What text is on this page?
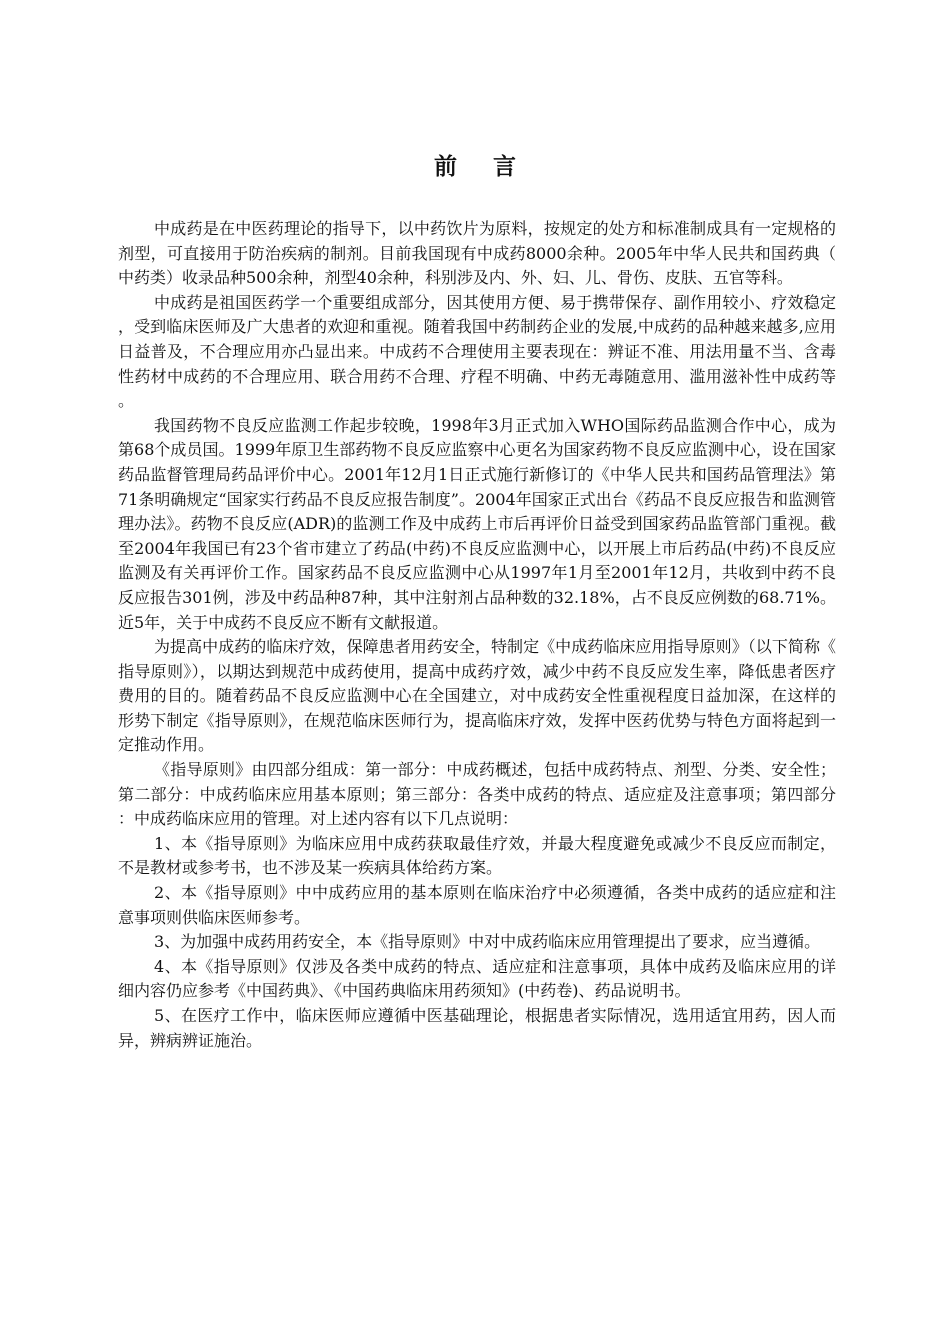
前言

中成药是在中医药理论的指导下，以中药饮片为原料，按规定的处方和标准制成具有一定规格的剂型，可直接用于防治疾病的制剂。目前我国现有中成药8000余种。2005年中华人民共和国药典（中药类）收录品种500余种，剂型40余种，科别涉及内、外、妇、儿、骨伤、皮肤、五官等科。

中成药是祖国医药学一个重要组成部分，因其使用方便、易于携带保存、副作用较小、疗效稳定，受到临床医师及广大患者的欢迎和重视。随着我国中药制药企业的发展,中成药的品种越来越多,应用日益普及，不合理应用亦凸显出来。中成药不合理使用主要表现在：辨证不准、用法用量不当、含毒性药材中成药的不合理应用、联合用药不合理、疗程不明确、中药无毒随意用、滥用滋补性中成药等。

我国药物不良反应监测工作起步较晚，1998年3月正式加入WHO国际药品监测合作中心，成为第68个成员国。1999年原卫生部药物不良反应监察中心更名为国家药物不良反应监测中心，设在国家药品监督管理局药品评价中心。2001年12月1日正式施行新修订的《中华人民共和国药品管理法》第71条明确规定“国家实行药品不良反应报告制度”。2004年国家正式出台《药品不良反应报告和监测管理办法》。药物不良反应(ADR)的监测工作及中成药上市后再评价日益受到国家药品监管部门重视。截至2004年我国已有23个省市建立了药品(中药)不良反应监测中心，以开展上市后药品(中药)不良反应监测及有关再评价工作。国家药品不良反应监测中心从1997年1月至2001年12月，共收到中药不良反应报告301例，涉及中药品种87种，其中注射剂占品种数的32.18%，占不良反应例数的68.71%。近5年，关于中成药不良反应不断有文献报道。

为提高中成药的临床疗效，保障患者用药安全，特制定《中成药临床应用指导原则》（以下简称《指导原则》），以期达到规范中成药使用，提高中成药疗效，减少中药不良反应发生率，降低患者医疗费用的目的。随着药品不良反应监测中心在全国建立，对中成药安全性重视程度日益加深，在这样的形势下制定《指导原则》，在规范临床医师行为，提高临床疗效，发挥中医药优势与特色方面将起到一定推动作用。

《指导原则》由四部分组成：第一部分：中成药概述，包括中成药特点、剂型、分类、安全性；第二部分：中成药临床应用基本原则；第三部分：各类中成药的特点、适应症及注意事项；第四部分：中成药临床应用的管理。对上述内容有以下几点说明：

1、本《指导原则》为临床应用中成药获取最佳疗效，并最大程度避免或减少不良反应而制定，不是教材或参考书，也不涉及某一疾病具体给药方案。

2、本《指导原则》中中成药应用的基本原则在临床治疗中必须遵循，各类中成药的适应症和注意事项则供临床医师参考。

3、为加强中成药用药安全，本《指导原则》中对中成药临床应用管理提出了要求，应当遵循。

4、本《指导原则》仅涉及各类中成药的特点、适应症和注意事项，具体中成药及临床应用的详细内容仍应参考《中国药典》、《中国药典临床用药须知》(中药卷)、药品说明书。

5、在医疗工作中，临床医师应遵循中医基础理论，根据患者实际情况，选用适宜用药，因人而异，辨病辨证施治。
